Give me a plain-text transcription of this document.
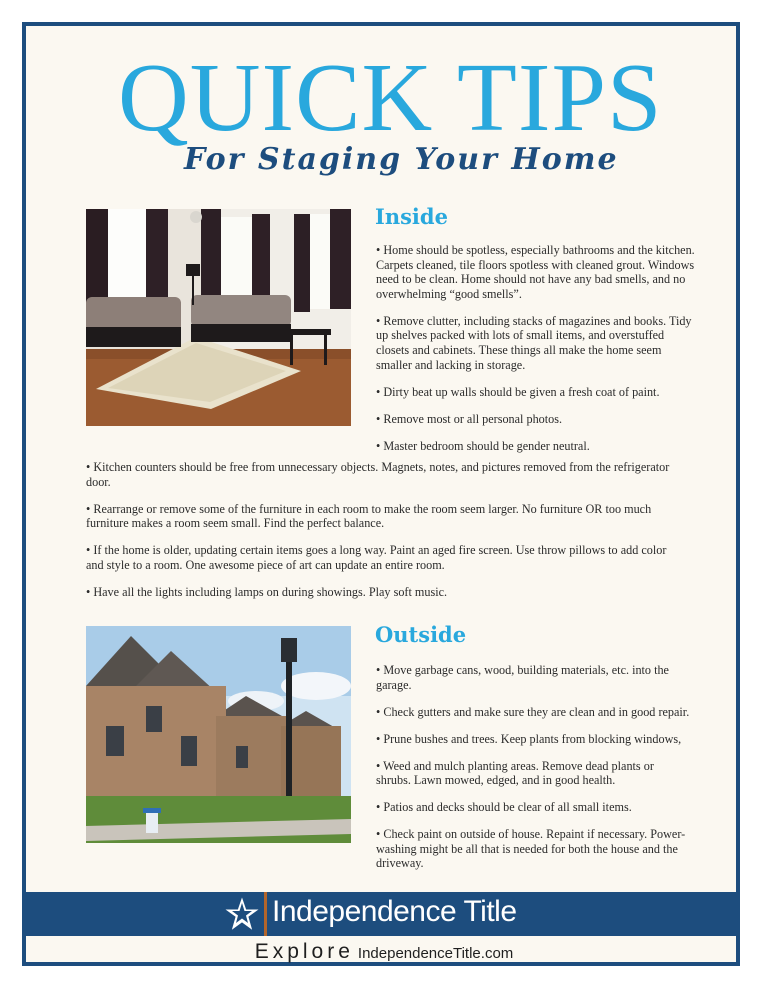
QUICK TIPS
For Staging Your Home
Inside

• Home should be spotless, especially bathrooms and the kitchen. Carpets cleaned, tile floors spotless with cleaned grout. Windows need to be clean. Home should not have any bad smells, and no overwhelming “good smells”.

• Remove clutter, including stacks of magazines and books. Tidy up shelves packed with lots of small items, and overstuffed closets and cabinets. These things all make the home seem smaller and lacking in storage.

• Dirty beat up walls should be given a fresh coat of paint.

• Remove most or all personal photos.

• Master bedroom should be gender neutral.

• Kitchen counters should be free from unnecessary objects. Magnets, notes, and pictures removed from the refrigerator door.

• Rearrange or remove some of the furniture in each room to make the room seem larger. No furniture OR too much furniture makes a room seem small. Find the perfect balance.

• If the home is older, updating certain items goes a long way. Paint an aged fire screen. Use throw pillows to add color and style to a room. One awesome piece of art can update an entire room.

• Have all the lights including lamps on during showings. Play soft music.

Outside

• Move garbage cans, wood, building materials, etc. into the garage.

• Check gutters and make sure they are clean and in good repair.

• Prune bushes and trees. Keep plants from blocking windows,

• Weed and mulch planting areas. Remove dead plants or shrubs. Lawn mowed, edged, and in good health.

• Patios and decks should be clear of all small items.

• Check paint on outside of house. Repaint if necessary. Power-washing might be all that is needed for both the house and the driveway.

Independence Title
Explore IndependenceTitle.com
